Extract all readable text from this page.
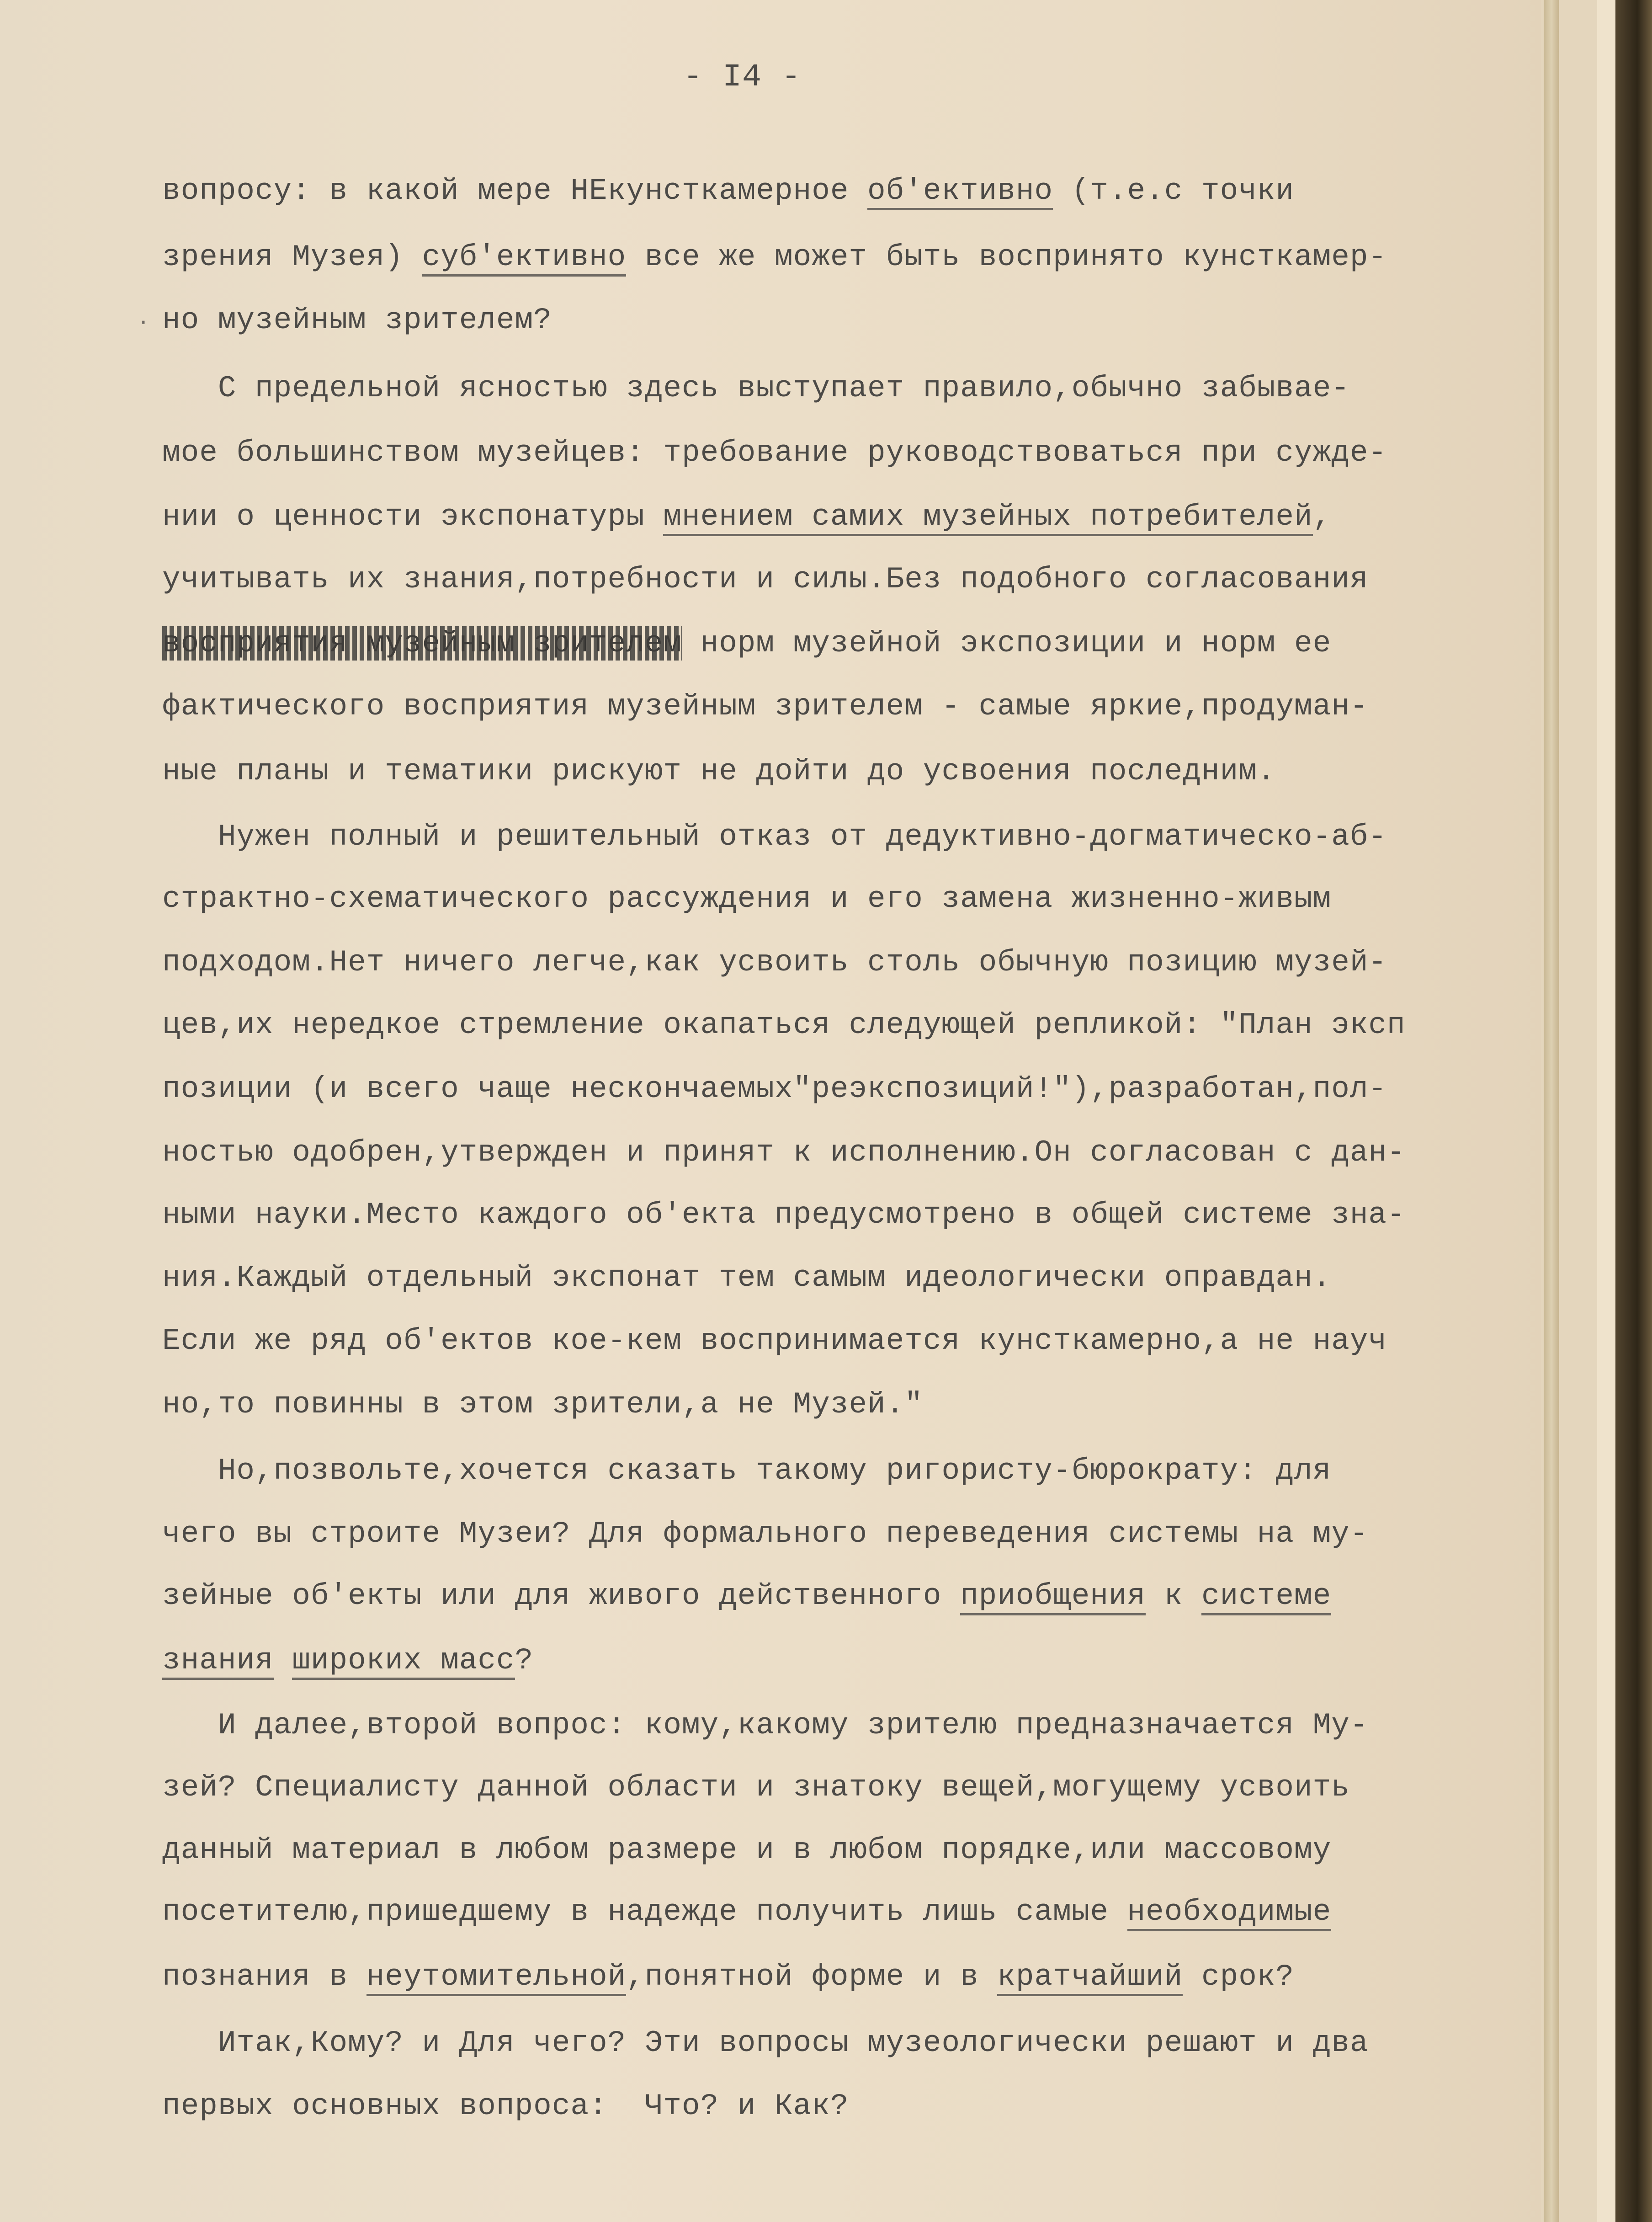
·
- I4 -
вопросу: в какой мере НЕкунсткамерное об'ективно (т.е.с точки
зрения Музея) суб'ективно все же может быть воспринято кунсткамер-
но музейным зрителем?
С предельной ясностью здесь выступает правило,обычно забывае-
мое большинством музейцев: требование руководствоваться при сужде-
нии о ценности экспонатуры мнением самих музейных потребителей,
учитывать их знания,потребности и силы.Без подобного согласования
восприятия музейным зрителем норм музейной экспозиции и норм ее
фактического восприятия музейным зрителем - самые яркие,продуман-
ные планы и тематики рискуют не дойти до усвоения последним.
Нужен полный и решительный отказ от дедуктивно-догматическо-аб-
страктно-схематического рассуждения и его замена жизненно-живым
подходом.Нет ничего легче,как усвоить столь обычную позицию музей-
цев,их нередкое стремление окапаться следующей репликой: "План эксп
позиции (и всего чаще нескончаемых"реэкспозиций!"),разработан,пол-
ностью одобрен,утвержден и принят к исполнению.Он согласован с дан-
ными науки.Место каждого об'екта предусмотрено в общей системе зна-
ния.Каждый отдельный экспонат тем самым идеологически оправдан.
Если же ряд об'ектов кое-кем воспринимается кунсткамерно,а не науч
но,то повинны в этом зрители,а не Музей."
Но,позвольте,хочется сказать такому ригористу-бюрократу: для
чего вы строите Музеи? Для формального переведения системы на му-
зейные об'екты или для живого действенного приобщения к системе
знания широких масс?
И далее,второй вопрос: кому,какому зрителю предназначается Му-
зей? Специалисту данной области и знатоку вещей,могущему усвоить
данный материал в любом размере и в любом порядке,или массовому
посетителю,пришедшему в надежде получить лишь самые необходимые
познания в неутомительной,понятной форме и в кратчайший срок?
Итак,Кому? и Для чего? Эти вопросы музеологически решают и два
первых основных вопроса:  Что? и Как?
